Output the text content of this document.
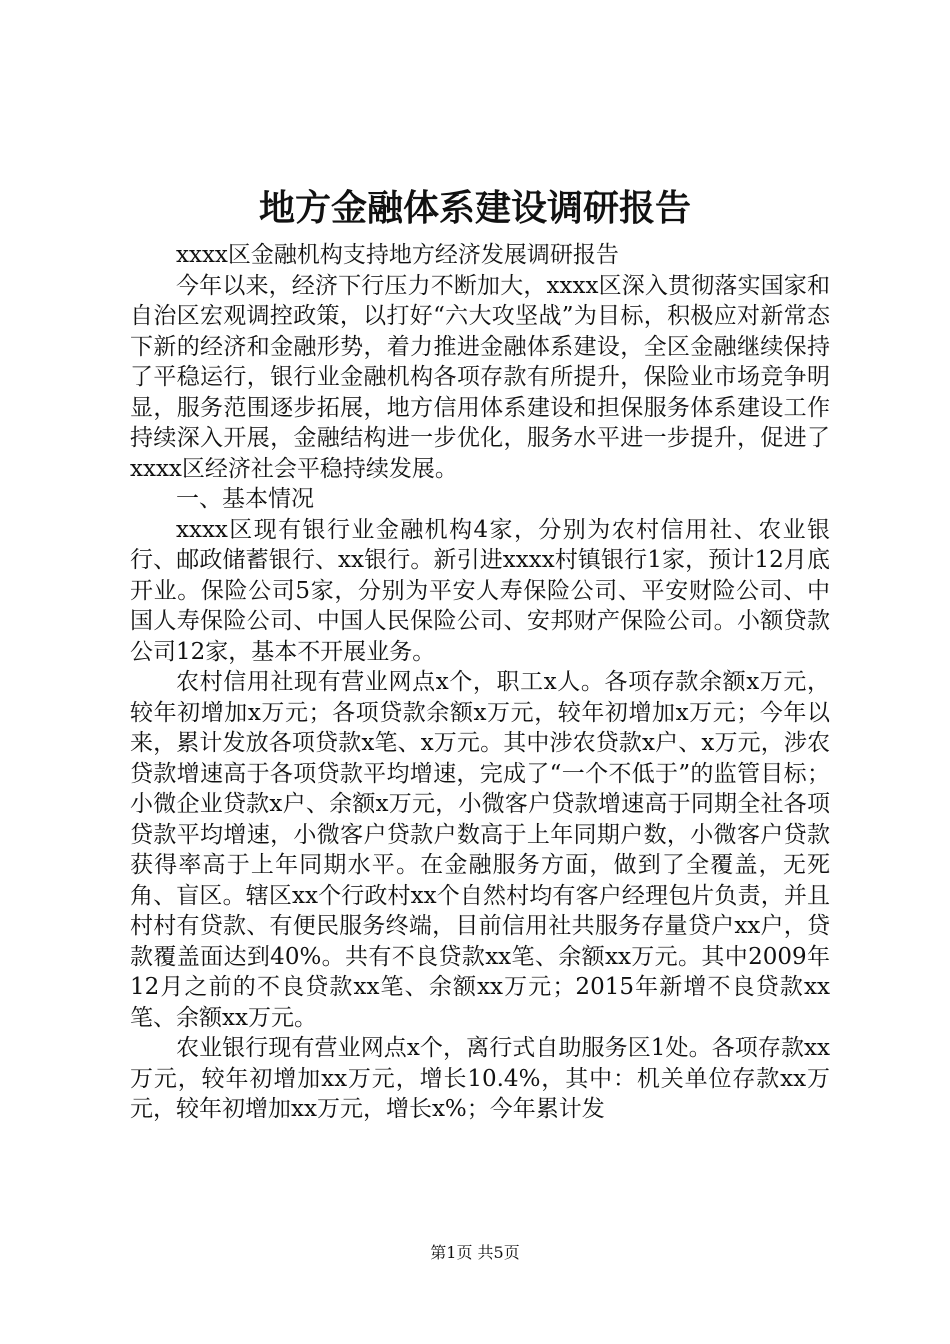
地方金融体系建设调研报告

xxxx区金融机构支持地方经济发展调研报告

今年以来，经济下行压力不断加大，xxxx区深入贯彻落实国家和自治区宏观调控政策，以打好“六大攻坚战”为目标，积极应对新常态下新的经济和金融形势，着力推进金融体系建设，全区金融继续保持了平稳运行，银行业金融机构各项存款有所提升，保险业市场竞争明显，服务范围逐步拓展，地方信用体系建设和担保服务体系建设工作持续深入开展，金融结构进一步优化，服务水平进一步提升，促进了xxxx区经济社会平稳持续发展。

一、基本情况

xxxx区现有银行业金融机构4家，分别为农村信用社、农业银行、邮政储蓄银行、xx银行。新引进xxxx村镇银行1家，预计12月底开业。保险公司5家，分别为平安人寿保险公司、平安财险公司、中国人寿保险公司、中国人民保险公司、安邦财产保险公司。小额贷款公司12家，基本不开展业务。

农村信用社现有营业网点x个，职工x人。各项存款余额x万元，较年初增加x万元；各项贷款余额x万元，较年初增加x万元；今年以来，累计发放各项贷款x笔、x万元。其中涉农贷款x户、x万元，涉农贷款增速高于各项贷款平均增速，完成了“一个不低于”的监管目标；小微企业贷款x户、余额x万元，小微客户贷款增速高于同期全社各项贷款平均增速，小微客户贷款户数高于上年同期户数，小微客户贷款获得率高于上年同期水平。在金融服务方面，做到了全覆盖，无死角、盲区。辖区xx个行政村xx个自然村均有客户经理包片负责，并且村村有贷款、有便民服务终端，目前信用社共服务存量贷户xx户，贷款覆盖面达到40%。共有不良贷款xx笔、余额xx万元。其中2009年12月之前的不良贷款xx笔、余额xx万元；2015年新增不良贷款xx笔、余额xx万元。

农业银行现有营业网点x个，离行式自助服务区1处。各项存款xx万元，较年初增加xx万元，增长10.4%，其中：机关单位存款xx万元，较年初增加xx万元，增长x%；今年累计发

第1页 共5页
